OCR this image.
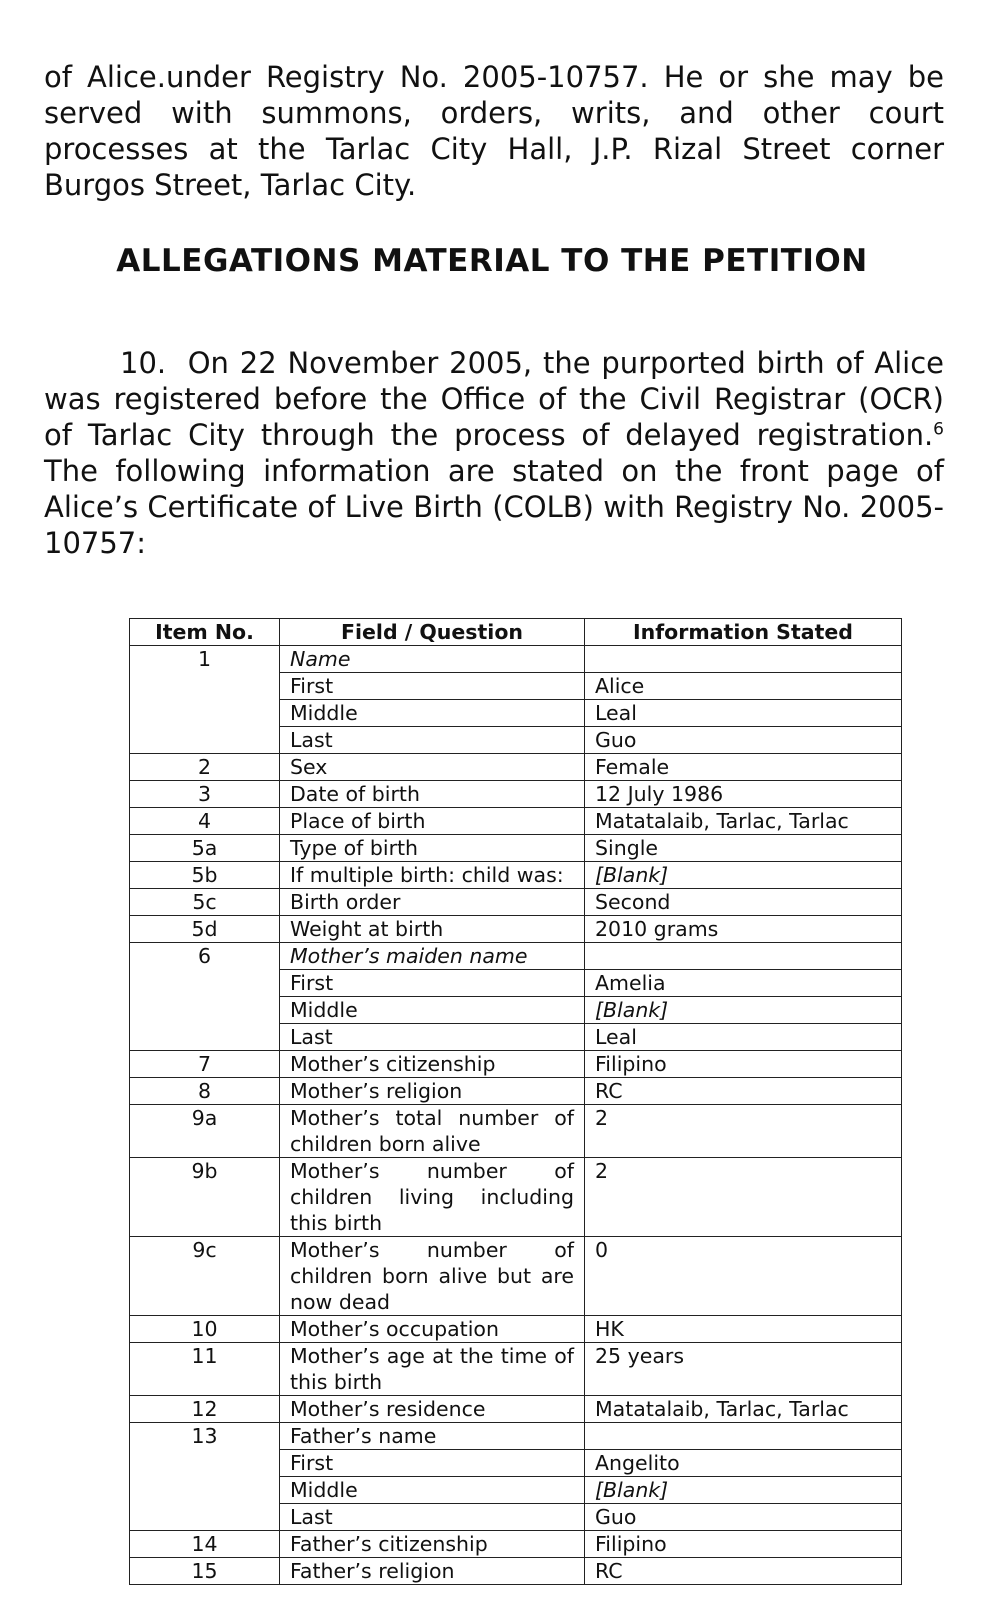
of Alice.under Registry No. 2005-10757. He or she may be served with summons, orders, writs, and other court processes at the Tarlac City Hall, J.P. Rizal Street corner Burgos Street, Tarlac City.

ALLEGATIONS MATERIAL TO THE PETITION
10. On 22 November 2005, the purported birth of Alice was registered before the Office of the Civil Registrar (OCR) of Tarlac City through the process of delayed registration.$^6$ The following information are stated on the front page of Alice’s Certificate of Live Birth (COLB) with Registry No. 2005-10757:
Item No.	Field / Question	Information Stated
1	Name	
	First	Alice
	Middle	Leal
	Last	Guo
2	Sex	Female
3	Date of birth	12 July 1986
4	Place of birth	Matatalaib, Tarlac, Tarlac
5a	Type of birth	Single
5b	If multiple birth: child was:	[Blank]
5c	Birth order	Second
5d	Weight at birth	2010 grams
6	Mother’s maiden name	
	First	Amelia
	Middle	[Blank]
	Last	Leal
7	Mother’s citizenship	Filipino
8	Mother’s religion	RC
9a	Mother’s total number of children born alive	2
9b	Mother’s number of children living including this birth	2
9c	Mother’s number of children born alive but are now dead	0
10	Mother’s occupation	HK
11	Mother’s age at the time of this birth	25 years
12	Mother’s residence	Matatalaib, Tarlac, Tarlac
13	Father’s name	
	First	Angelito
	Middle	[Blank]
	Last	Guo
14	Father’s citizenship	Filipino
15	Father’s religion	RC
